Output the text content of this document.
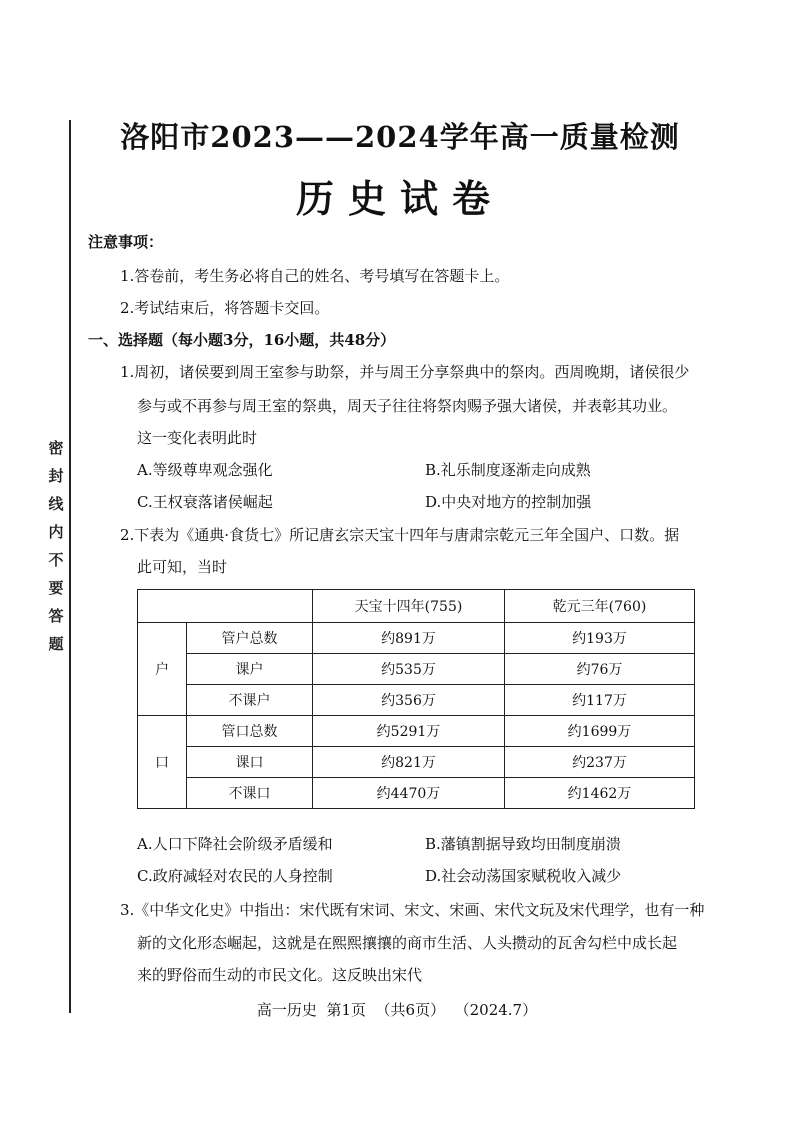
密
封
线
内
不
要
答
题
洛阳市2023——2024学年高一质量检测
历史试卷
注意事项：
1.答卷前，考生务必将自己的姓名、考号填写在答题卡上。
2.考试结束后，将答题卡交回。
一、选择题（每小题3分，16小题，共48分）
1.周初，诸侯要到周王室参与助祭，并与周王分享祭典中的祭肉。西周晚期，诸侯很少
参与或不再参与周王室的祭典，周天子往往将祭肉赐予强大诸侯，并表彰其功业。
这一变化表明此时
A.等级尊卑观念强化	B.礼乐制度逐渐走向成熟
C.王权衰落诸侯崛起	D.中央对地方的控制加强
2.下表为《通典·食货七》所记唐玄宗天宝十四年与唐肃宗乾元三年全国户、口数。据
此可知，当时
		天宝十四年(755)	乾元三年(760)
户	管户总数	约891万	约193万
	课户	约535万	约76万
	不课户	约356万	约117万
口	管口总数	约5291万	约1699万
	课口	约821万	约237万
	不课口	约4470万	约1462万
A.人口下降社会阶级矛盾缓和	B.藩镇割据导致均田制度崩溃
C.政府减轻对农民的人身控制	D.社会动荡国家赋税收入减少
3.《中华文化史》中指出：宋代既有宋词、宋文、宋画、宋代文玩及宋代理学，也有一种
新的文化形态崛起，这就是在熙熙攘攘的商市生活、人头攒动的瓦舍勾栏中成长起
来的野俗而生动的市民文化。这反映出宋代
高一历史  第1页  （共6页）  （2024.7）
